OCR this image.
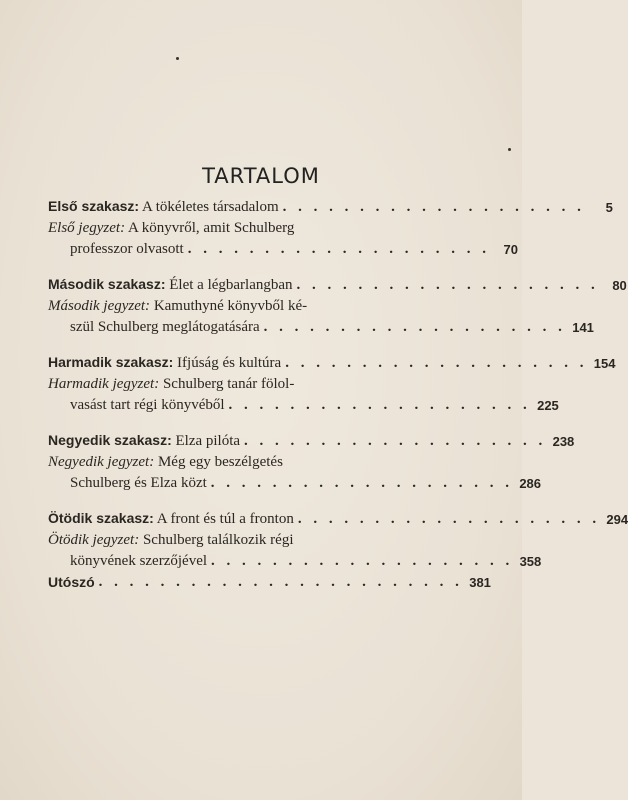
TARTALOM
Első szakasz: A tökéletes társadalom . . . . . . . . . . . . . . . . . . . .	5
Első jegyzet: A könyvről, amit Schulberg
professzor olvasott . . . . . . . . . . . . . . . . . . . .	70
Második szakasz: Élet a légbarlangban . . . . . . . . . . . . . . . . . . . .	80
Második jegyzet: Kamuthyné könyvből ké-
szül Schulberg meglátogatására . . . . . . . . . . . . . . . . . . . . 141
Harmadik szakasz: Ifjúság és kultúra . . . . . . . . . . . . . . . . . . . . 154
Harmadik jegyzet: Schulberg tanár fölol-
vasást tart régi könyvéből . . . . . . . . . . . . . . . . . . . . 225
Negyedik szakasz: Elza pilóta . . . . . . . . . . . . . . . . . . . . 238
Negyedik jegyzet: Még egy beszélgetés
Schulberg és Elza közt . . . . . . . . . . . . . . . . . . . . 286
Ötödik szakasz: A front és túl a fronton . . . . . . . . . . . . . . . . . . . . 294
Ötödik jegyzet: Schulberg találkozik régi
könyvének szerzőjével . . . . . . . . . . . . . . . . . . . . 358
Utószó . . . . . . . . . . . . . . . . . . . . . . . . 381
